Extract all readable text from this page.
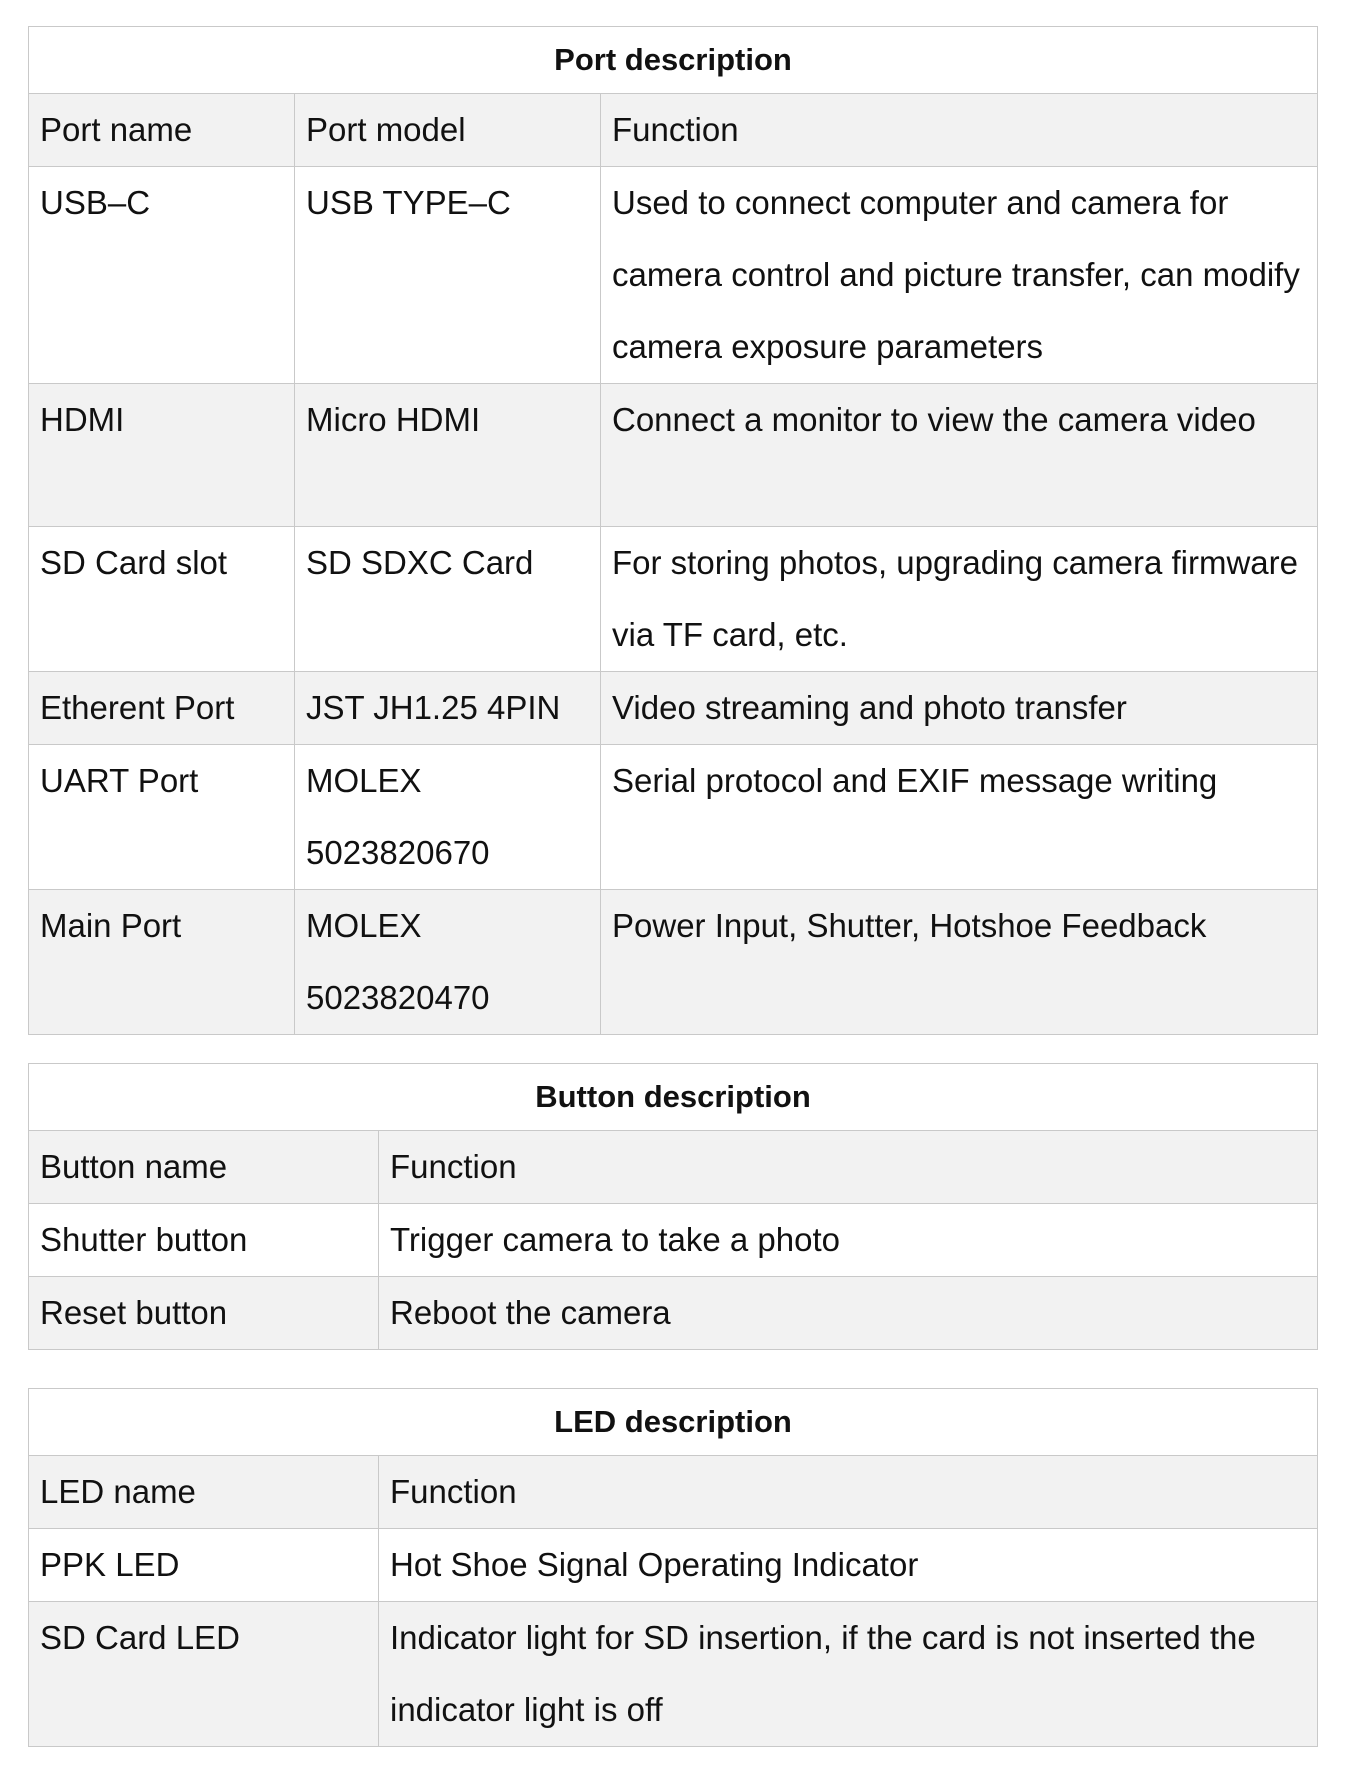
Port description		
Port name	Port model	Function
USB–C	USB TYPE–C	Used to connect computer and camera for camera control and picture transfer, can modify camera exposure parameters
HDMI	Micro HDMI	Connect a monitor to view the camera video
SD Card slot	SD SDXC Card	For storing photos, upgrading camera firmware via TF card, etc.
Etherent Port	JST JH1.25 4PIN	Video streaming and photo transfer
UART Port	MOLEX 5023820670	Serial protocol and EXIF message writing
Main Port	MOLEX 5023820470	Power Input, Shutter, Hotshoe Feedback
Button description	
Button name	Function
Shutter button	Trigger camera to take a photo
Reset button	Reboot the camera
LED description	
LED name	Function
PPK LED	Hot Shoe Signal Operating Indicator
SD Card LED	Indicator light for SD insertion, if the card is not inserted the indicator light is off
